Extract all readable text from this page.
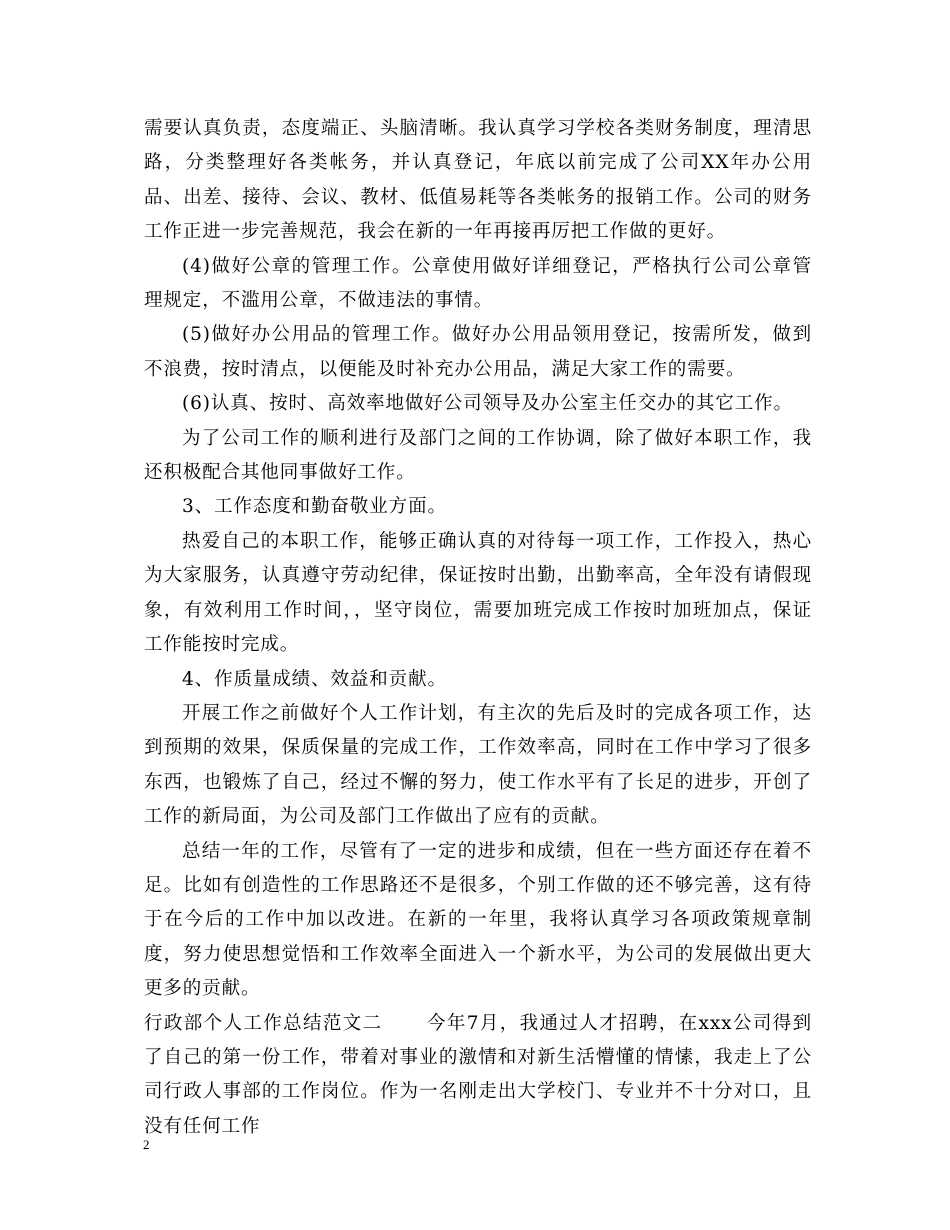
需要认真负责，态度端正、头脑清晰。我认真学习学校各类财务制度，理清思路，分类整理好各类帐务，并认真登记，年底以前完成了公司XX年办公用品、出差、接待、会议、教材、低值易耗等各类帐务的报销工作。公司的财务工作正进一步完善规范，我会在新的一年再接再厉把工作做的更好。

(4)做好公章的管理工作。公章使用做好详细登记，严格执行公司公章管理规定，不滥用公章，不做违法的事情。

(5)做好办公用品的管理工作。做好办公用品领用登记，按需所发，做到不浪费，按时清点，以便能及时补充办公用品，满足大家工作的需要。

(6)认真、按时、高效率地做好公司领导及办公室主任交办的其它工作。

为了公司工作的顺利进行及部门之间的工作协调，除了做好本职工作，我还积极配合其他同事做好工作。

3、工作态度和勤奋敬业方面。

热爱自己的本职工作，能够正确认真的对待每一项工作，工作投入，热心为大家服务，认真遵守劳动纪律，保证按时出勤，出勤率高，全年没有请假现象，有效利用工作时间，，坚守岗位，需要加班完成工作按时加班加点，保证工作能按时完成。

4、作质量成绩、效益和贡献。

开展工作之前做好个人工作计划，有主次的先后及时的完成各项工作，达到预期的效果，保质保量的完成工作，工作效率高，同时在工作中学习了很多东西，也锻炼了自己，经过不懈的努力，使工作水平有了长足的进步，开创了工作的新局面，为公司及部门工作做出了应有的贡献。

总结一年的工作，尽管有了一定的进步和成绩，但在一些方面还存在着不足。比如有创造性的工作思路还不是很多，个别工作做的还不够完善，这有待于在今后的工作中加以改进。在新的一年里，我将认真学习各项政策规章制度，努力使思想觉悟和工作效率全面进入一个新水平，为公司的发展做出更大更多的贡献。

行政部个人工作总结范文二 今年7月，我通过人才招聘，在xxx公司得到了自己的第一份工作，带着对事业的激情和对新生活懵懂的情愫，我走上了公司行政人事部的工作岗位。作为一名刚走出大学校门、专业并不十分对口，且没有任何工作

2
